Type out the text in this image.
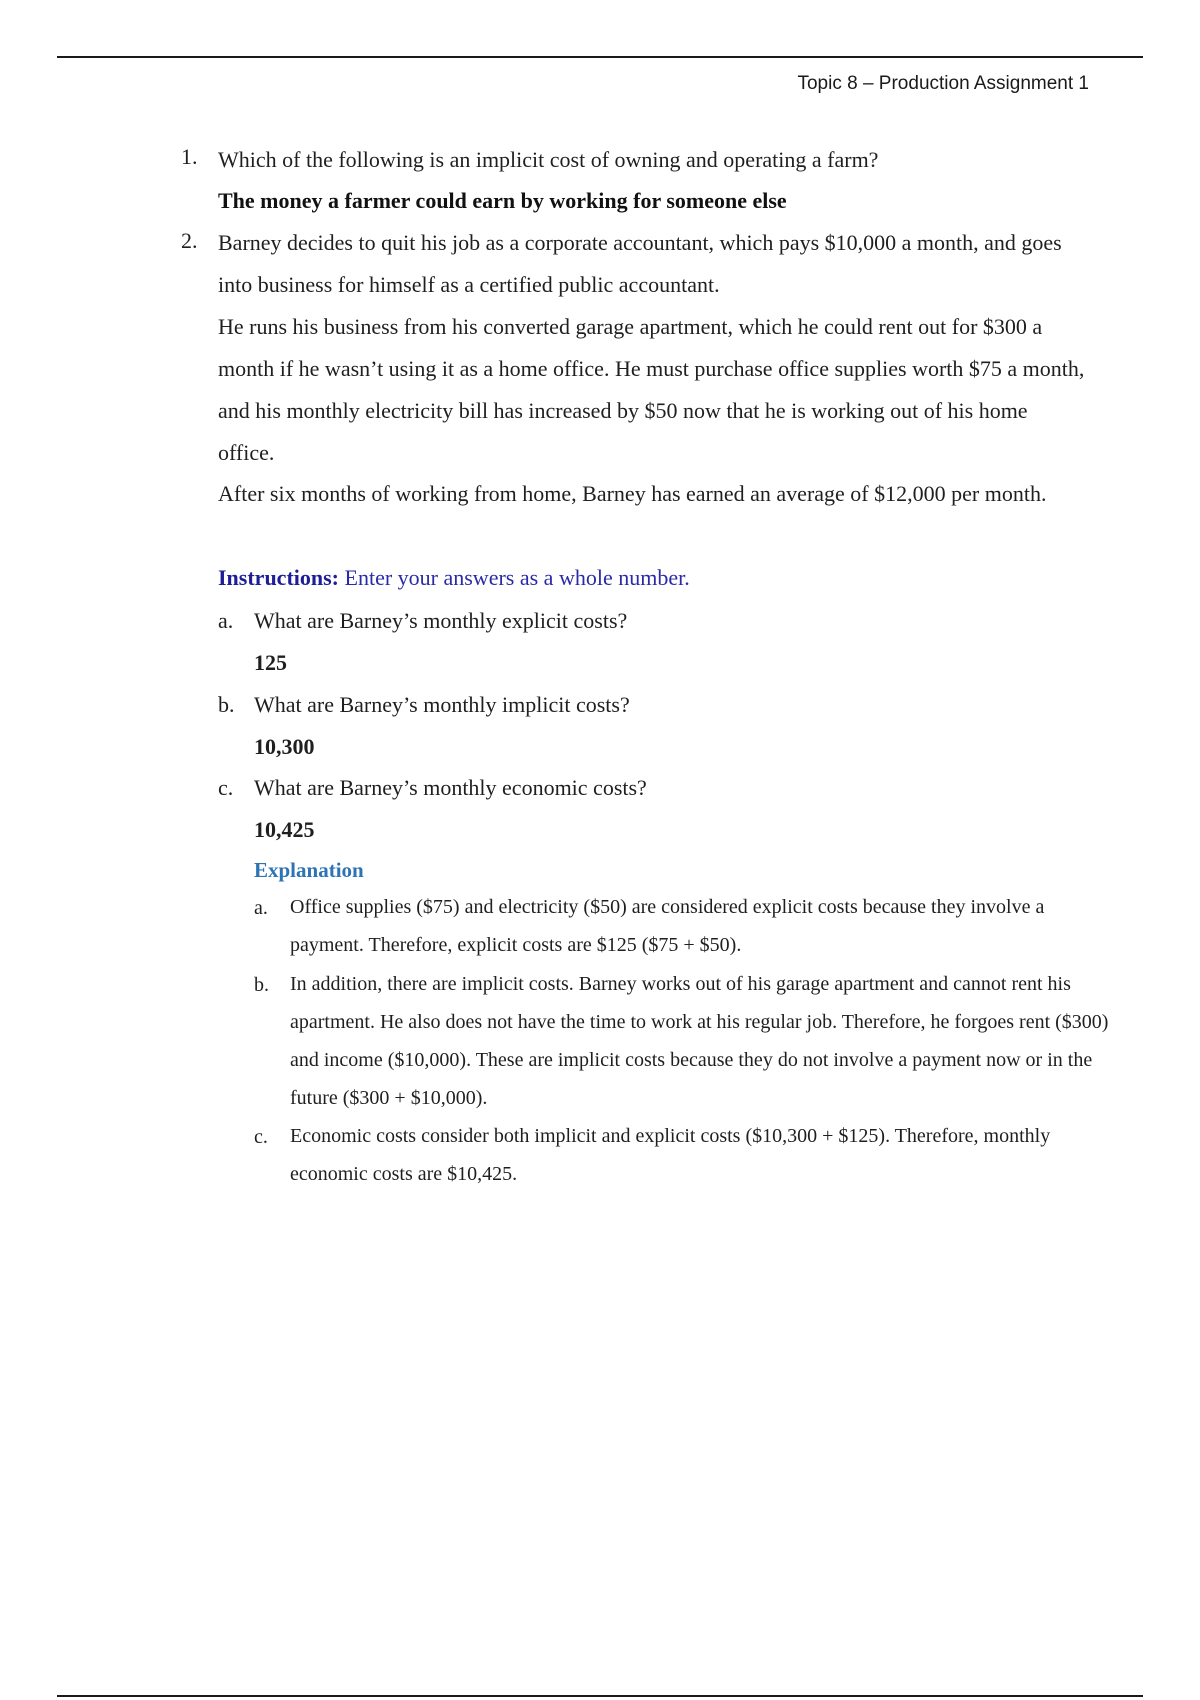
Topic 8 – Production Assignment 1
1. Which of the following is an implicit cost of owning and operating a farm?
The money a farmer could earn by working for someone else
2. Barney decides to quit his job as a corporate accountant, which pays $10,000 a month, and goes into business for himself as a certified public accountant.
He runs his business from his converted garage apartment, which he could rent out for $300 a month if he wasn’t using it as a home office. He must purchase office supplies worth $75 a month, and his monthly electricity bill has increased by $50 now that he is working out of his home office.
After six months of working from home, Barney has earned an average of $12,000 per month.
Instructions: Enter your answers as a whole number.
a. What are Barney’s monthly explicit costs?
125
b. What are Barney’s monthly implicit costs?
10,300
c. What are Barney’s monthly economic costs?
10,425
Explanation
a. Office supplies ($75) and electricity ($50) are considered explicit costs because they involve a payment. Therefore, explicit costs are $125 ($75 + $50).
b. In addition, there are implicit costs. Barney works out of his garage apartment and cannot rent his apartment. He also does not have the time to work at his regular job. Therefore, he forgoes rent ($300) and income ($10,000). These are implicit costs because they do not involve a payment now or in the future ($300 + $10,000).
c. Economic costs consider both implicit and explicit costs ($10,300 + $125). Therefore, monthly economic costs are $10,425.
